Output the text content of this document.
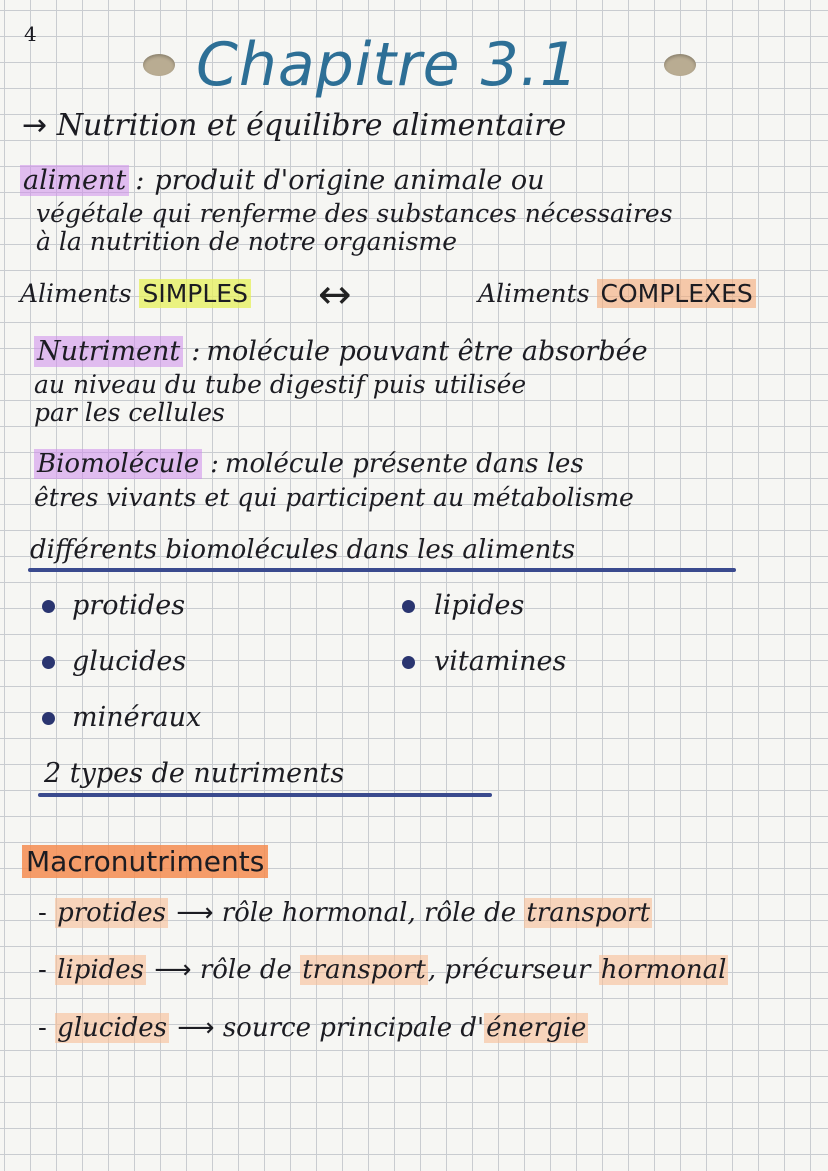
4	Chapitre 3.1
→ Nutrition et équilibre alimentaire
aliment : produit d'origine animale ou
végétale qui renferme des substances nécessaires
à la nutrition de notre organisme
Aliments SIMPLES ↔	Aliments COMPLEXES
Nutriment : molécule pouvant être absorbée
au niveau du tube digestif puis utilisée
par les cellules
Biomolécule : molécule présente dans les
êtres vivants et qui participent au métabolisme
différents biomolécules dans les aliments
protides	lipides
glucides	vitamines
minéraux
2 types de nutriments
Macronutriments
- protides ⟶ rôle hormonal, rôle de transport
- lipides ⟶ rôle de transport, précurseur hormonal
- glucides ⟶ source principale d'énergie
